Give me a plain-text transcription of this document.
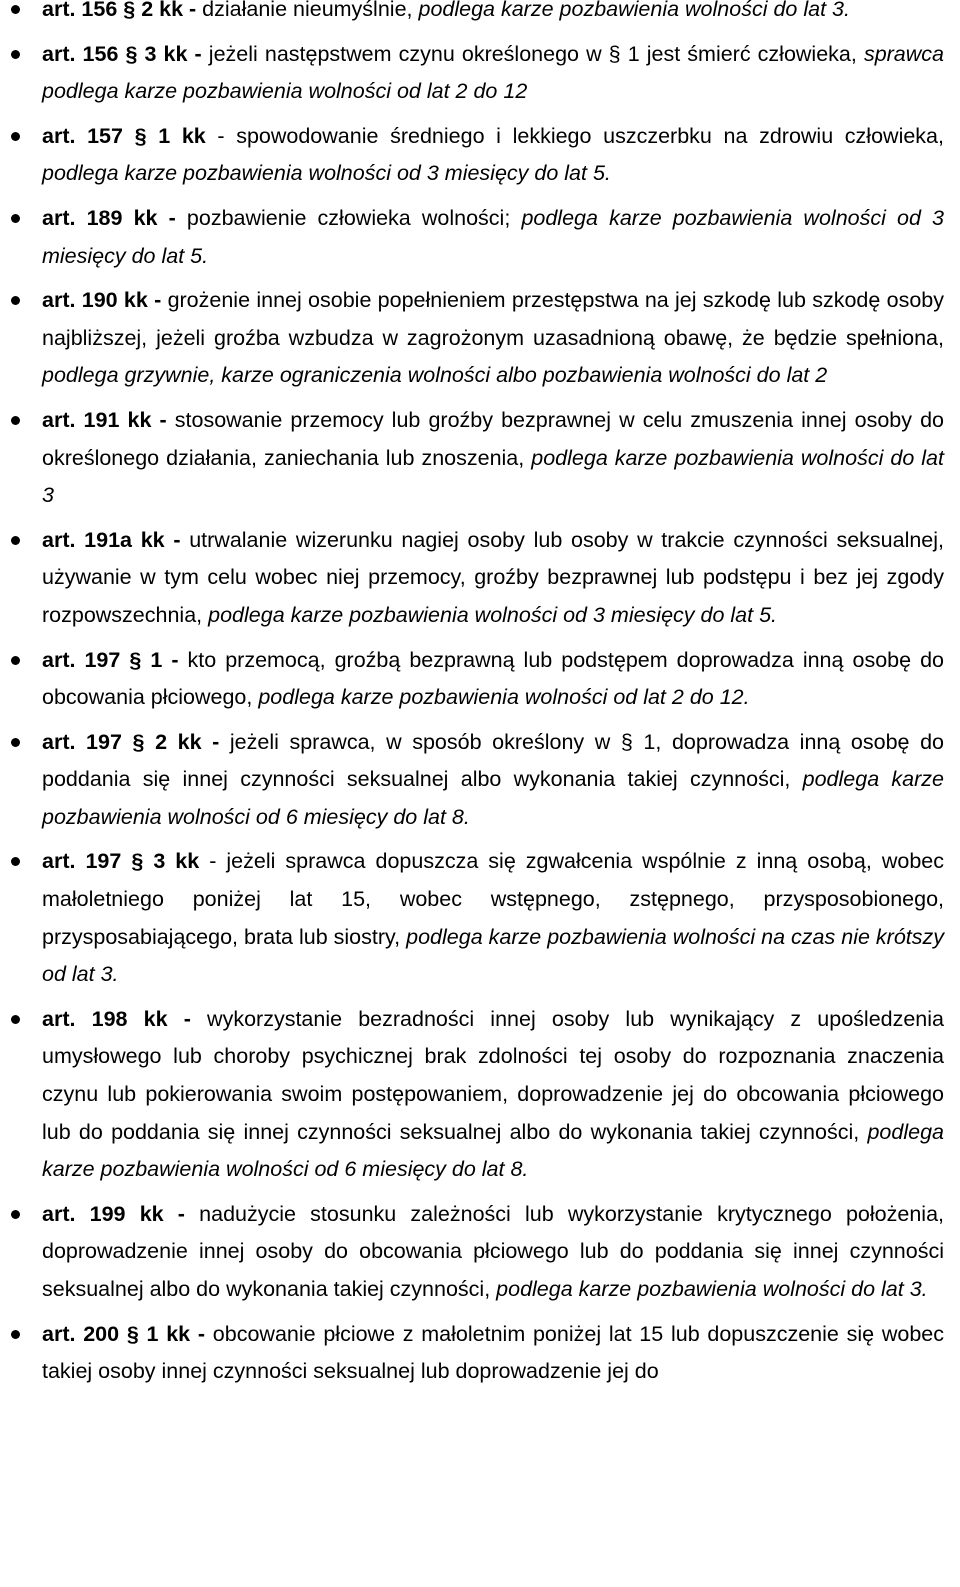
art. 156 § 2 kk - działanie nieumyślnie, podlega karze pozbawienia wolności do lat 3.
art. 156 § 3 kk - jeżeli następstwem czynu określonego w § 1 jest śmierć człowieka, sprawca podlega karze pozbawienia wolności od lat 2 do 12
art. 157 § 1 kk - spowodowanie średniego i lekkiego uszczerbku na zdrowiu człowieka, podlega karze pozbawienia wolności od 3 miesięcy do lat 5.
art. 189 kk - pozbawienie człowieka wolności; podlega karze pozbawienia wolności od 3 miesięcy do lat 5.
art. 190 kk - grożenie innej osobie popełnieniem przestępstwa na jej szkodę lub szkodę osoby najbliższej, jeżeli groźba wzbudza w zagrożonym uzasadnioną obawę, że będzie spełniona, podlega grzywnie, karze ograniczenia wolności albo pozbawienia wolności do lat 2
art. 191 kk - stosowanie przemocy lub groźby bezprawnej w celu zmuszenia innej osoby do określonego działania, zaniechania lub znoszenia, podlega karze pozbawienia wolności do lat 3
art. 191a kk - utrwalanie wizerunku nagiej osoby lub osoby w trakcie czynności seksualnej, używanie w tym celu wobec niej przemocy, groźby bezprawnej lub podstępu i bez jej zgody rozpowszechnia, podlega karze pozbawienia wolności od 3 miesięcy do lat 5.
art. 197 § 1 - kto przemocą, groźbą bezprawną lub podstępem doprowadza inną osobę do obcowania płciowego, podlega karze pozbawienia wolności od lat 2 do 12.
art. 197 § 2 kk - jeżeli sprawca, w sposób określony w § 1, doprowadza inną osobę do poddania się innej czynności seksualnej albo wykonania takiej czynności, podlega karze pozbawienia wolności od 6 miesięcy do lat 8.
art. 197 § 3 kk - jeżeli sprawca dopuszcza się zgwałcenia wspólnie z inną osobą, wobec małoletniego poniżej lat 15, wobec wstępnego, zstępnego, przysposobionego, przysposabiającego, brata lub siostry, podlega karze pozbawienia wolności na czas nie krótszy od lat 3.
art. 198 kk - wykorzystanie bezradności innej osoby lub wynikający z upośledzenia umysłowego lub choroby psychicznej brak zdolności tej osoby do rozpoznania znaczenia czynu lub pokierowania swoim postępowaniem, doprowadzenie jej do obcowania płciowego lub do poddania się innej czynności seksualnej albo do wykonania takiej czynności, podlega karze pozbawienia wolności od 6 miesięcy do lat 8.
art. 199 kk - nadużycie stosunku zależności lub wykorzystanie krytycznego położenia, doprowadzenie innej osoby do obcowania płciowego lub do poddania się innej czynności seksualnej albo do wykonania takiej czynności, podlega karze pozbawienia wolności do lat 3.
art. 200 § 1 kk - obcowanie płciowe z małoletnim poniżej lat 15 lub dopuszczenie się wobec takiej osoby innej czynności seksualnej lub doprowadzenie jej do
